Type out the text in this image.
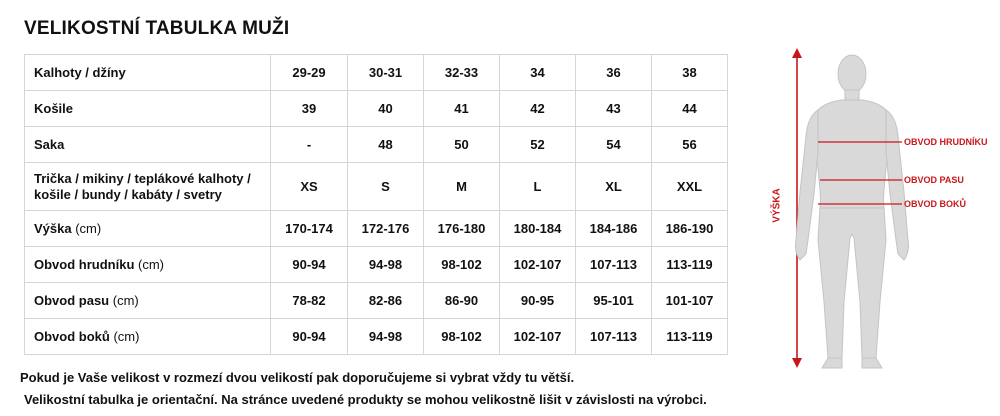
VELIKOSTNÍ TABULKA MUŽI
Kalhoty / džíny	29-29	30-31	32-33	34	36	38
Košile	39	40	41	42	43	44
Saka	-	48	50	52	54	56
Trička / mikiny / teplákové kalhoty / košile / bundy / kabáty / svetry	XS	S	M	L	XL	XXL
Výška (cm)	170-174	172-176	176-180	180-184	184-186	186-190
Obvod hrudníku (cm)	90-94	94-98	98-102	102-107	107-113	113-119
Obvod pasu (cm)	78-82	82-86	86-90	90-95	95-101	101-107
Obvod boků (cm)	90-94	94-98	98-102	102-107	107-113	113-119
Pokud je Vaše velikost v rozmezí dvou velikostí pak doporučujeme si vybrat vždy tu větší.
Velikostní tabulka je orientační. Na stránce uvedené produkty se mohou velikostně lišit v závislosti na výrobci.
VÝŠKA
OBVOD HRUDNÍKU
OBVOD PASU
OBVOD BOKŮ
